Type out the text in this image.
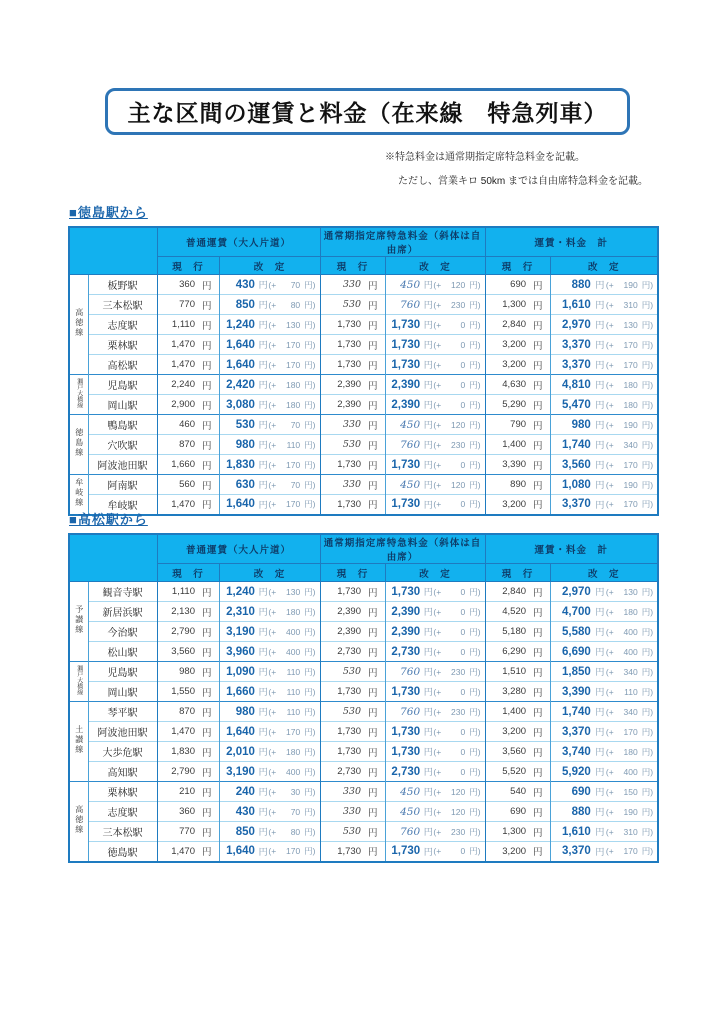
主な区間の運賃と料金（在来線　特急列車）
※特急料金は通常期指定席特急料金を記載。
ただし、営業キロ 50km までは自由席特急料金を記載。
■徳島駅から
		普通運賃（大人片道）		通常期指定席特急料金（斜体は自由席）		運賃・料金　計	
		現　行	改　定	現　行	改　定	現　行	改　定
高徳線	板野駅	360 円	430 円 (+ 70 円)	330 円	450 円 (+ 120 円)	690 円	880 円 (+ 190 円)

	三本松駅	770 円	850 円 (+ 80 円)	530 円	760 円 (+ 230 円)	1,300 円	1,610 円 (+ 310 円)

	志度駅	1,110 円	1,240 円 (+ 130 円)	1,730 円	1,730 円 (+ 0 円)	2,840 円	2,970 円 (+ 130 円)

	栗林駅	1,470 円	1,640 円 (+ 170 円)	1,730 円	1,730 円 (+ 0 円)	3,200 円	3,370 円 (+ 170 円)

	高松駅	1,470 円	1,640 円 (+ 170 円)	1,730 円	1,730 円 (+ 0 円)	3,200 円	3,370 円 (+ 170 円)

瀬戸大橋線	児島駅	2,240 円	2,420 円 (+ 180 円)	2,390 円	2,390 円 (+ 0 円)	4,630 円	4,810 円 (+ 180 円)

	岡山駅	2,900 円	3,080 円 (+ 180 円)	2,390 円	2,390 円 (+ 0 円)	5,290 円	5,470 円 (+ 180 円)

徳島線	鴨島駅	460 円	530 円 (+ 70 円)	330 円	450 円 (+ 120 円)	790 円	980 円 (+ 190 円)

	穴吹駅	870 円	980 円 (+ 110 円)	530 円	760 円 (+ 230 円)	1,400 円	1,740 円 (+ 340 円)

	阿波池田駅	1,660 円	1,830 円 (+ 170 円)	1,730 円	1,730 円 (+ 0 円)	3,390 円	3,560 円 (+ 170 円)

牟岐線	阿南駅	560 円	630 円 (+ 70 円)	330 円	450 円 (+ 120 円)	890 円	1,080 円 (+ 190 円)

	牟岐駅	1,470 円	1,640 円 (+ 170 円)	1,730 円	1,730 円 (+ 0 円)	3,200 円	3,370 円 (+ 170 円)
■高松駅から
		普通運賃（大人片道）		通常期指定席特急料金（斜体は自由席）		運賃・料金　計	
		現　行	改　定	現　行	改　定	現　行	改　定
予讃線	観音寺駅	1,110 円	1,240 円 (+ 130 円)	1,730 円	1,730 円 (+ 0 円)	2,840 円	2,970 円 (+ 130 円)

	新居浜駅	2,130 円	2,310 円 (+ 180 円)	2,390 円	2,390 円 (+ 0 円)	4,520 円	4,700 円 (+ 180 円)

	今治駅	2,790 円	3,190 円 (+ 400 円)	2,390 円	2,390 円 (+ 0 円)	5,180 円	5,580 円 (+ 400 円)

	松山駅	3,560 円	3,960 円 (+ 400 円)	2,730 円	2,730 円 (+ 0 円)	6,290 円	6,690 円 (+ 400 円)

瀬戸大橋線	児島駅	980 円	1,090 円 (+ 110 円)	530 円	760 円 (+ 230 円)	1,510 円	1,850 円 (+ 340 円)

	岡山駅	1,550 円	1,660 円 (+ 110 円)	1,730 円	1,730 円 (+ 0 円)	3,280 円	3,390 円 (+ 110 円)

土讃線	琴平駅	870 円	980 円 (+ 110 円)	530 円	760 円 (+ 230 円)	1,400 円	1,740 円 (+ 340 円)

	阿波池田駅	1,470 円	1,640 円 (+ 170 円)	1,730 円	1,730 円 (+ 0 円)	3,200 円	3,370 円 (+ 170 円)

	大歩危駅	1,830 円	2,010 円 (+ 180 円)	1,730 円	1,730 円 (+ 0 円)	3,560 円	3,740 円 (+ 180 円)

	高知駅	2,790 円	3,190 円 (+ 400 円)	2,730 円	2,730 円 (+ 0 円)	5,520 円	5,920 円 (+ 400 円)

高徳線	栗林駅	210 円	240 円 (+ 30 円)	330 円	450 円 (+ 120 円)	540 円	690 円 (+ 150 円)

	志度駅	360 円	430 円 (+ 70 円)	330 円	450 円 (+ 120 円)	690 円	880 円 (+ 190 円)

	三本松駅	770 円	850 円 (+ 80 円)	530 円	760 円 (+ 230 円)	1,300 円	1,610 円 (+ 310 円)

	徳島駅	1,470 円	1,640 円 (+ 170 円)	1,730 円	1,730 円 (+ 0 円)	3,200 円	3,370 円 (+ 170 円)
